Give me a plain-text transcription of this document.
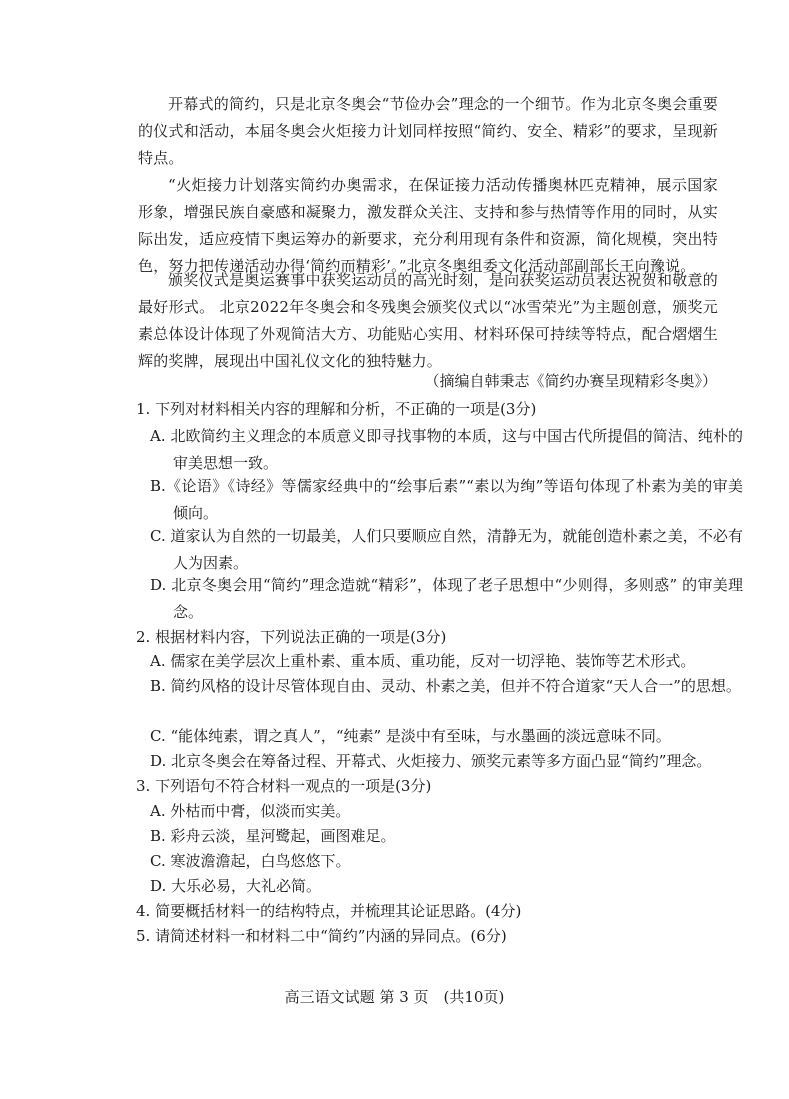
开幕式的简约，只是北京冬奥会“节俭办会”理念的一个细节。作为北京冬奥会重要的仪式和活动，本届冬奥会火炬接力计划同样按照“简约、安全、精彩”的要求，呈现新特点。

“火炬接力计划落实简约办奥需求，在保证接力活动传播奥林匹克精神，展示国家形象，增强民族自豪感和凝聚力，激发群众关注、支持和参与热情等作用的同时，从实际出发，适应疫情下奥运筹办的新要求，充分利用现有条件和资源，简化规模，突出特色，努力把传递活动办得‘简约而精彩’。”北京冬奥组委文化活动部副部长王向豫说。

颁奖仪式是奥运赛事中获奖运动员的高光时刻，是向获奖运动员表达祝贺和敬意的最好形式。 北京2022年冬奥会和冬残奥会颁奖仪式以“冰雪荣光”为主题创意，颁奖元素总体设计体现了外观简洁大方、功能贴心实用、材料环保可持续等特点，配合熠熠生辉的奖牌，展现出中国礼仪文化的独特魅力。

（摘编自韩秉志《简约办赛呈现精彩冬奥》）

1. 下列对材料相关内容的理解和分析，不正确的一项是(3分)

A. 北欧简约主义理念的本质意义即寻找事物的本质，这与中国古代所提倡的简洁、纯朴的审美思想一致。

B.《论语》《诗经》等儒家经典中的“绘事后素”“素以为绚”等语句体现了朴素为美的审美倾向。

C. 道家认为自然的一切最美，人们只要顺应自然，清静无为，就能创造朴素之美，不必有人为因素。

D. 北京冬奥会用“简约”理念造就“精彩”，体现了老子思想中“少则得，多则惑” 的审美理念。

2. 根据材料内容，下列说法正确的一项是(3分)

A. 儒家在美学层次上重朴素、重本质、重功能，反对一切浮艳、装饰等艺术形式。

B. 简约风格的设计尽管体现自由、灵动、朴素之美，但并不符合道家“天人合一”的思想。

C. “能体纯素，谓之真人”，“纯素” 是淡中有至味，与水墨画的淡远意味不同。

D. 北京冬奥会在筹备过程、开幕式、火炬接力、颁奖元素等多方面凸显“简约”理念。

3. 下列语句不符合材料一观点的一项是(3分)

A. 外枯而中膏，似淡而实美。

B. 彩舟云淡，星河鹭起，画图难足。

C. 寒波澹澹起，白鸟悠悠下。

D. 大乐必易，大礼必简。

4. 简要概括材料一的结构特点，并梳理其论证思路。(4分)

5. 请简述材料一和材料二中“简约”内涵的异同点。(6分)

高三语文试题 第 3 页　(共10页)
